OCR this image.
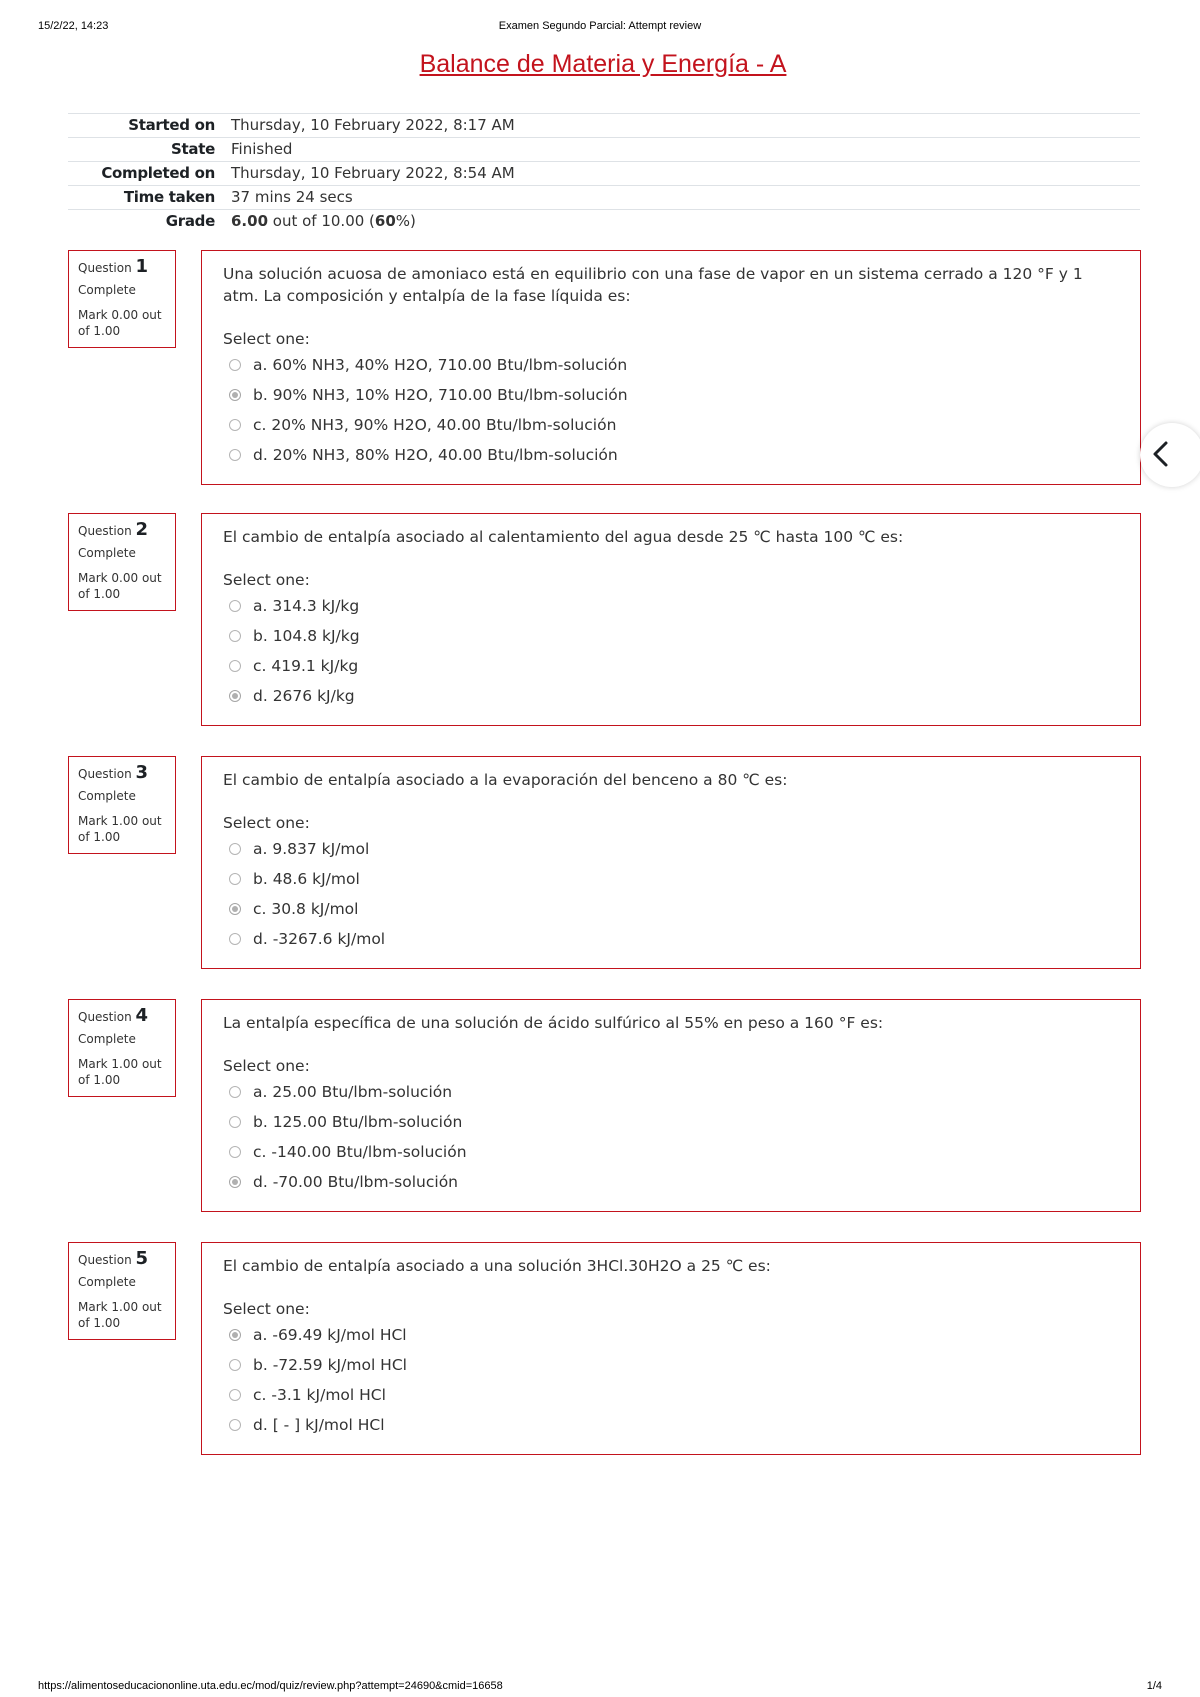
15/2/22, 14:23	Examen Segundo Parcial: Attempt review
Balance de Materia y Energía - A
Started on	Thursday, 10 February 2022, 8:17 AM
State	Finished
Completed on	Thursday, 10 February 2022, 8:54 AM
Time taken	37 mins 24 secs
Grade	6.00 out of 10.00 (60%)
Question 1
Complete
Mark 0.00 out of 1.00
Una solución acuosa de amoniaco está en equilibrio con una fase de vapor en un sistema cerrado a 120 °F y 1 atm. La composición y entalpía de la fase líquida es:
Select one:
a. 60% NH3, 40% H2O, 710.00 Btu/lbm-solución
b. 90% NH3, 10% H2O, 710.00 Btu/lbm-solución
c. 20% NH3, 90% H2O, 40.00 Btu/lbm-solución
d. 20% NH3, 80% H2O, 40.00 Btu/lbm-solución
Question 2
Complete
Mark 0.00 out of 1.00
El cambio de entalpía asociado al calentamiento del agua desde 25 ℃ hasta 100 ℃ es:
Select one:
a. 314.3 kJ/kg
b. 104.8 kJ/kg
c. 419.1 kJ/kg
d. 2676 kJ/kg
Question 3
Complete
Mark 1.00 out of 1.00
El cambio de entalpía asociado a la evaporación del benceno a 80 ℃ es:
Select one:
a. 9.837 kJ/mol
b. 48.6 kJ/mol
c. 30.8 kJ/mol
d. -3267.6 kJ/mol
Question 4
Complete
Mark 1.00 out of 1.00
La entalpía específica de una solución de ácido sulfúrico al 55% en peso a 160 °F es:
Select one:
a. 25.00 Btu/lbm-solución
b. 125.00 Btu/lbm-solución
c. -140.00 Btu/lbm-solución
d. -70.00 Btu/lbm-solución
Question 5
Complete
Mark 1.00 out of 1.00
El cambio de entalpía asociado a una solución 3HCl.30H2O a 25 ℃ es:
Select one:
a. -69.49 kJ/mol HCl
b. -72.59 kJ/mol HCl
c. -3.1 kJ/mol HCl
d. [ - ] kJ/mol HCl
https://alimentoseducaciononline.uta.edu.ec/mod/quiz/review.php?attempt=24690&cmid=16658	1/4
